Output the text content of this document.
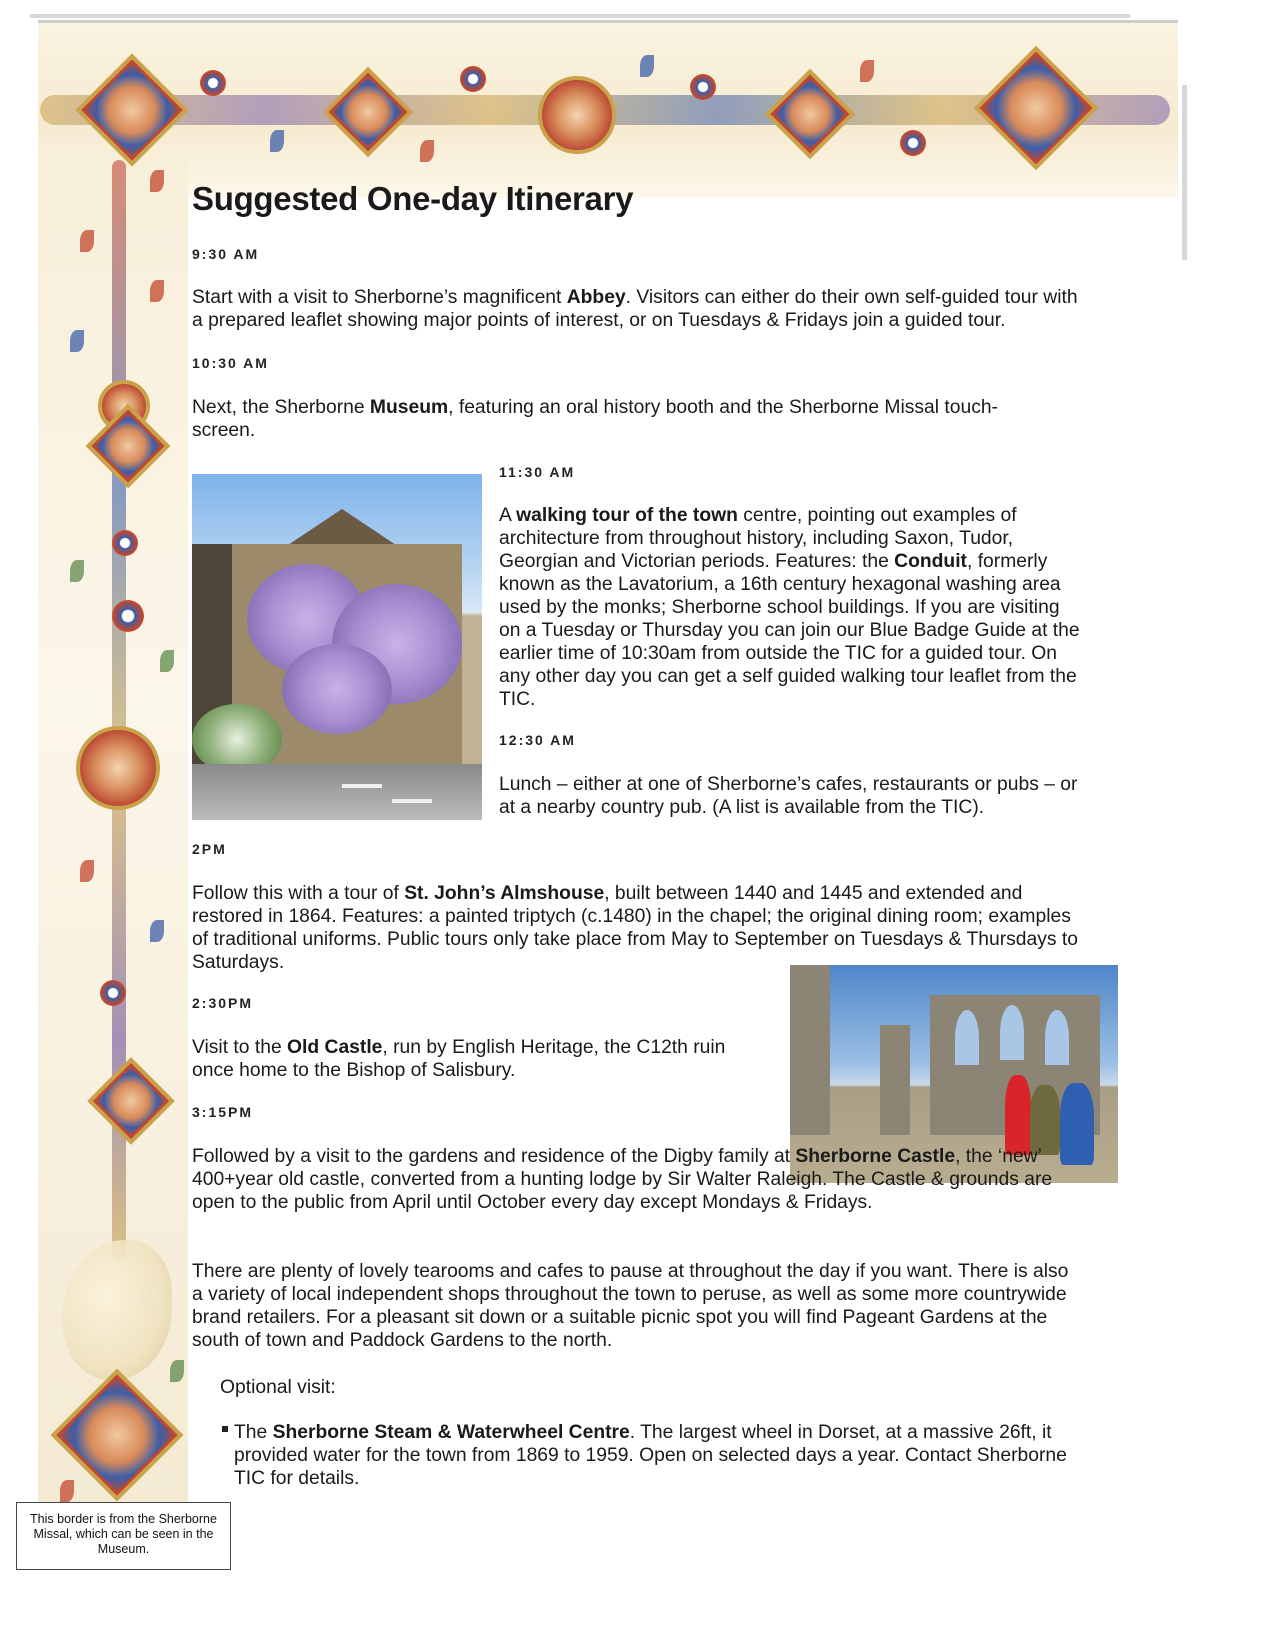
Suggested One-day Itinerary
9:30 AM

Start with a visit to Sherborne’s magnificent Abbey. Visitors can either do their own self-guided tour with a prepared leaflet showing major points of interest, or on Tuesdays & Fridays join a guided tour.

10:30 AM

Next, the Sherborne Museum, featuring an oral history booth and the Sherborne Missal touch-screen.

11:30 AM

A walking tour of the town centre, pointing out examples of architecture from throughout history, including Saxon, Tudor, Georgian and Victorian periods. Features: the Conduit, formerly known as the Lavatorium, a 16th century hexagonal washing area used by the monks; Sherborne school buildings. If you are visiting on a Tuesday or Thursday you can join our Blue Badge Guide at the earlier time of 10:30am from outside the TIC for a guided tour. On any other day you can get a self guided walking tour leaflet from the TIC.

12:30 AM

Lunch – either at one of Sherborne’s cafes, restaurants or pubs – or at a nearby country pub. (A list is available from the TIC).

2PM

Follow this with a tour of St. John’s Almshouse, built between 1440 and 1445 and extended and restored in 1864. Features: a painted triptych (c.1480) in the chapel; the original dining room; examples of traditional uniforms. Public tours only take place from May to September on Tuesdays & Thursdays to Saturdays.

2:30PM

Visit to the Old Castle, run by English Heritage, the C12th ruin once home to the Bishop of Salisbury.

3:15PM

Followed by a visit to the gardens and residence of the Digby family at Sherborne Castle, the ‘new’ 400+year old castle, converted from a hunting lodge by Sir Walter Raleigh. The Castle & grounds are open to the public from April until October every day except Mondays & Fridays.

There are plenty of lovely tearooms and cafes to pause at throughout the day if you want. There is also a variety of local independent shops throughout the town to peruse, as well as some more countrywide brand retailers. For a pleasant sit down or a suitable picnic spot you will find Pageant Gardens at the south of town and Paddock Gardens to the north.

Optional visit:

The Sherborne Steam & Waterwheel Centre. The largest wheel in Dorset, at a massive 26ft, it provided water for the town from 1869 to 1959. Open on selected days a year. Contact Sherborne TIC for details.

This border is from the Sherborne Missal, which can be seen in the Museum.
